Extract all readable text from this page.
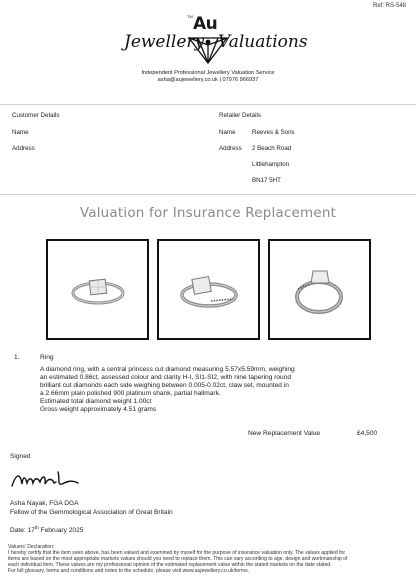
Ref: RS-548
Jewellery Valuations
TM Au
Independent Professional Jewellery Valuation Service
asha@aujewellery.co.uk | 07976 966937
Customer Details
Name
Address
Retailer Details
Name	Reeves & Sons
Address 2 Beach Road
Littlehampton
BN17 5HT
Valuation for Insurance Replacement
1.	Ring
A diamond ring, with a central princess cut diamond measuring 5.57x5.59mm, weighing
an estimated 0.86ct, assessed colour and clarity H-I, SI1-SI2, with nine tapering round
brilliant cut diamonds each side weighing between 0.005-0.02ct, claw set, mounted in
a 2.66mm plain polished 900 platinum shank, partial hallmark.
Estimated total diamond weight 1.00ct
Gross weight approximately 4.51 grams
New Replacement Value	£4,500
Signed
Asha Nayak, FGA DGA
Fellow of the Gemmological Association of Great Britain
Date: 17th February 2025
Valuers’ Declaration:
I hereby certify that the item seen above, has been valued and examined by myself for the purpose of insurance valuation only. The values applied for
items are based on the most appropriate markets values should you need to replace them. This can vary according to age, design and workmanship of
each individual item. These values are my professional opinion of the estimated replacement value within the stated markets on the date stated.
For full glossary, terms and conditions and notes to the schedule, please visit www.aujewellery.co.uk/terms.
